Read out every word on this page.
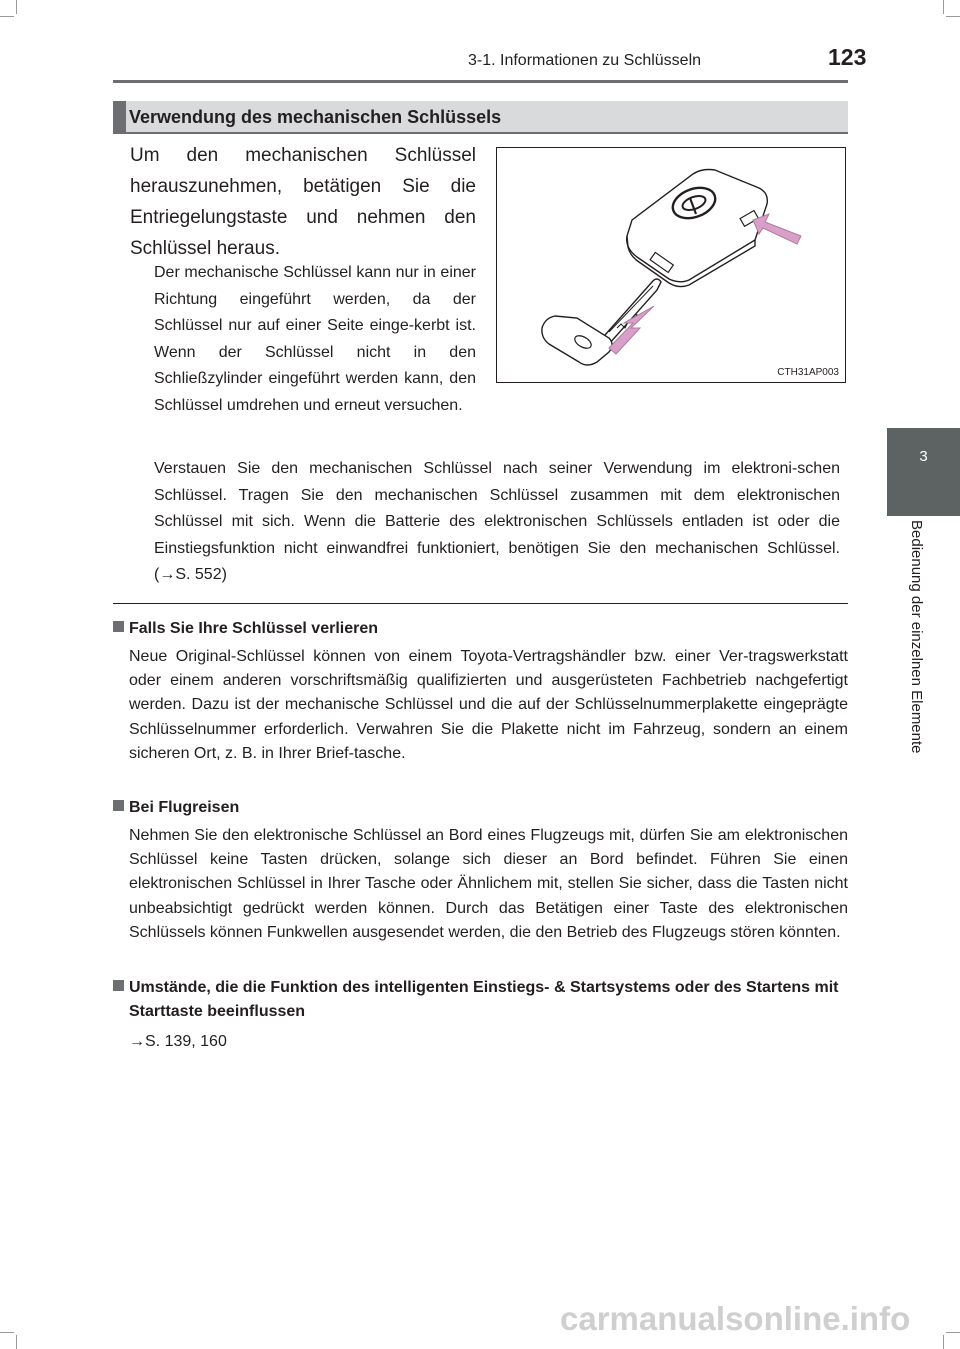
3-1. Informationen zu Schlüsseln	123
3
Bedienung der einzelnen Elemente
Verwendung des mechanischen Schlüssels
Um den mechanischen Schlüssel herauszunehmen, betätigen Sie die Entriegelungstaste und nehmen den Schlüssel heraus.
Der mechanische Schlüssel kann nur in einer Richtung eingeführt werden, da der Schlüssel nur auf einer Seite einge-kerbt ist. Wenn der Schlüssel nicht in den Schließzylinder eingeführt werden kann, den Schlüssel umdrehen und erneut versuchen.
Verstauen Sie den mechanischen Schlüssel nach seiner Verwendung im elektroni-schen Schlüssel. Tragen Sie den mechanischen Schlüssel zusammen mit dem elektronischen Schlüssel mit sich. Wenn die Batterie des elektronischen Schlüssels entladen ist oder die Einstiegsfunktion nicht einwandfrei funktioniert, benötigen Sie den mechanischen Schlüssel. (→S. 552)
CTH31AP003
Falls Sie Ihre Schlüssel verlieren
Neue Original-Schlüssel können von einem Toyota-Vertragshändler bzw. einer Ver-tragswerkstatt oder einem anderen vorschriftsmäßig qualifizierten und ausgerüsteten Fachbetrieb nachgefertigt werden. Dazu ist der mechanische Schlüssel und die auf der Schlüsselnummerplakette eingeprägte Schlüsselnummer erforderlich. Verwahren Sie die Plakette nicht im Fahrzeug, sondern an einem sicheren Ort, z. B. in Ihrer Brief-tasche.
Bei Flugreisen
Nehmen Sie den elektronische Schlüssel an Bord eines Flugzeugs mit, dürfen Sie am elektronischen Schlüssel keine Tasten drücken, solange sich dieser an Bord befindet. Führen Sie einen elektronischen Schlüssel in Ihrer Tasche oder Ähnlichem mit, stellen Sie sicher, dass die Tasten nicht unbeabsichtigt gedrückt werden können. Durch das Betätigen einer Taste des elektronischen Schlüssels können Funkwellen ausgesendet werden, die den Betrieb des Flugzeugs stören könnten.
Umstände, die die Funktion des intelligenten Einstiegs- & Startsystems oder des Startens mit Starttaste beeinflussen
→S. 139, 160
carmanualsonline.info
